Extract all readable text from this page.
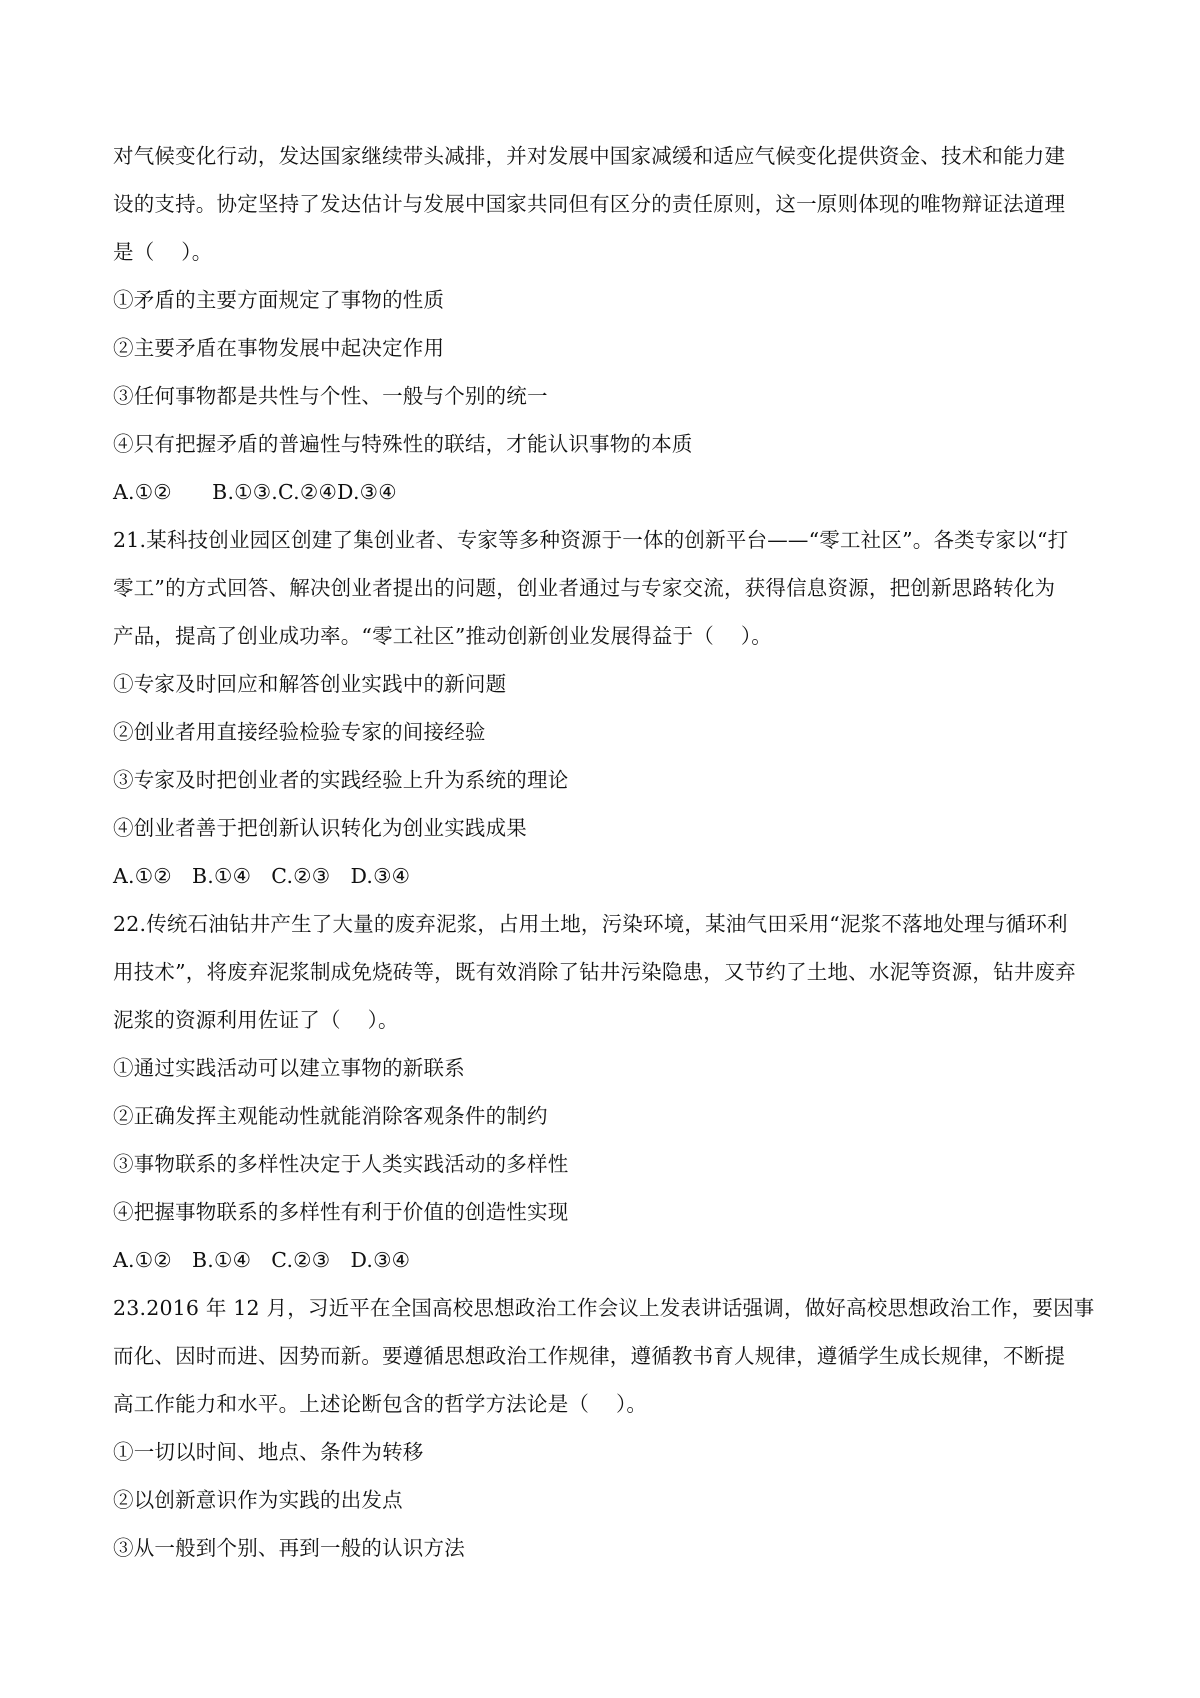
对气候变化行动，发达国家继续带头减排，并对发展中国家减缓和适应气候变化提供资金、技术和能力建
设的支持。协定坚持了发达估计与发展中国家共同但有区分的责任原则，这一原则体现的唯物辩证法道理
是（    ）。
①矛盾的主要方面规定了事物的性质
②主要矛盾在事物发展中起决定作用
③任何事物都是共性与个性、一般与个别的统一
④只有把握矛盾的普遍性与特殊性的联结，才能认识事物的本质
A.①②      B.①③.C.②④D.③④
21.某科技创业园区创建了集创业者、专家等多种资源于一体的创新平台——“零工社区”。各类专家以“打
零工”的方式回答、解决创业者提出的问题，创业者通过与专家交流，获得信息资源，把创新思路转化为
产品，提高了创业成功率。“零工社区”推动创新创业发展得益于（    ）。
①专家及时回应和解答创业实践中的新问题
②创业者用直接经验检验专家的间接经验
③专家及时把创业者的实践经验上升为系统的理论
④创业者善于把创新认识转化为创业实践成果
A.①②   B.①④   C.②③   D.③④
22.传统石油钻井产生了大量的废弃泥浆，占用土地，污染环境，某油气田采用“泥浆不落地处理与循环利
用技术”，将废弃泥浆制成免烧砖等，既有效消除了钻井污染隐患，又节约了土地、水泥等资源，钻井废弃
泥浆的资源利用佐证了（    ）。
①通过实践活动可以建立事物的新联系
②正确发挥主观能动性就能消除客观条件的制约
③事物联系的多样性决定于人类实践活动的多样性
④把握事物联系的多样性有利于价值的创造性实现
A.①②   B.①④   C.②③   D.③④
23.2016 年 12 月，习近平在全国高校思想政治工作会议上发表讲话强调，做好高校思想政治工作，要因事
而化、因时而进、因势而新。要遵循思想政治工作规律，遵循教书育人规律，遵循学生成长规律，不断提
高工作能力和水平。上述论断包含的哲学方法论是（    ）。
①一切以时间、地点、条件为转移
②以创新意识作为实践的出发点
③从一般到个别、再到一般的认识方法
